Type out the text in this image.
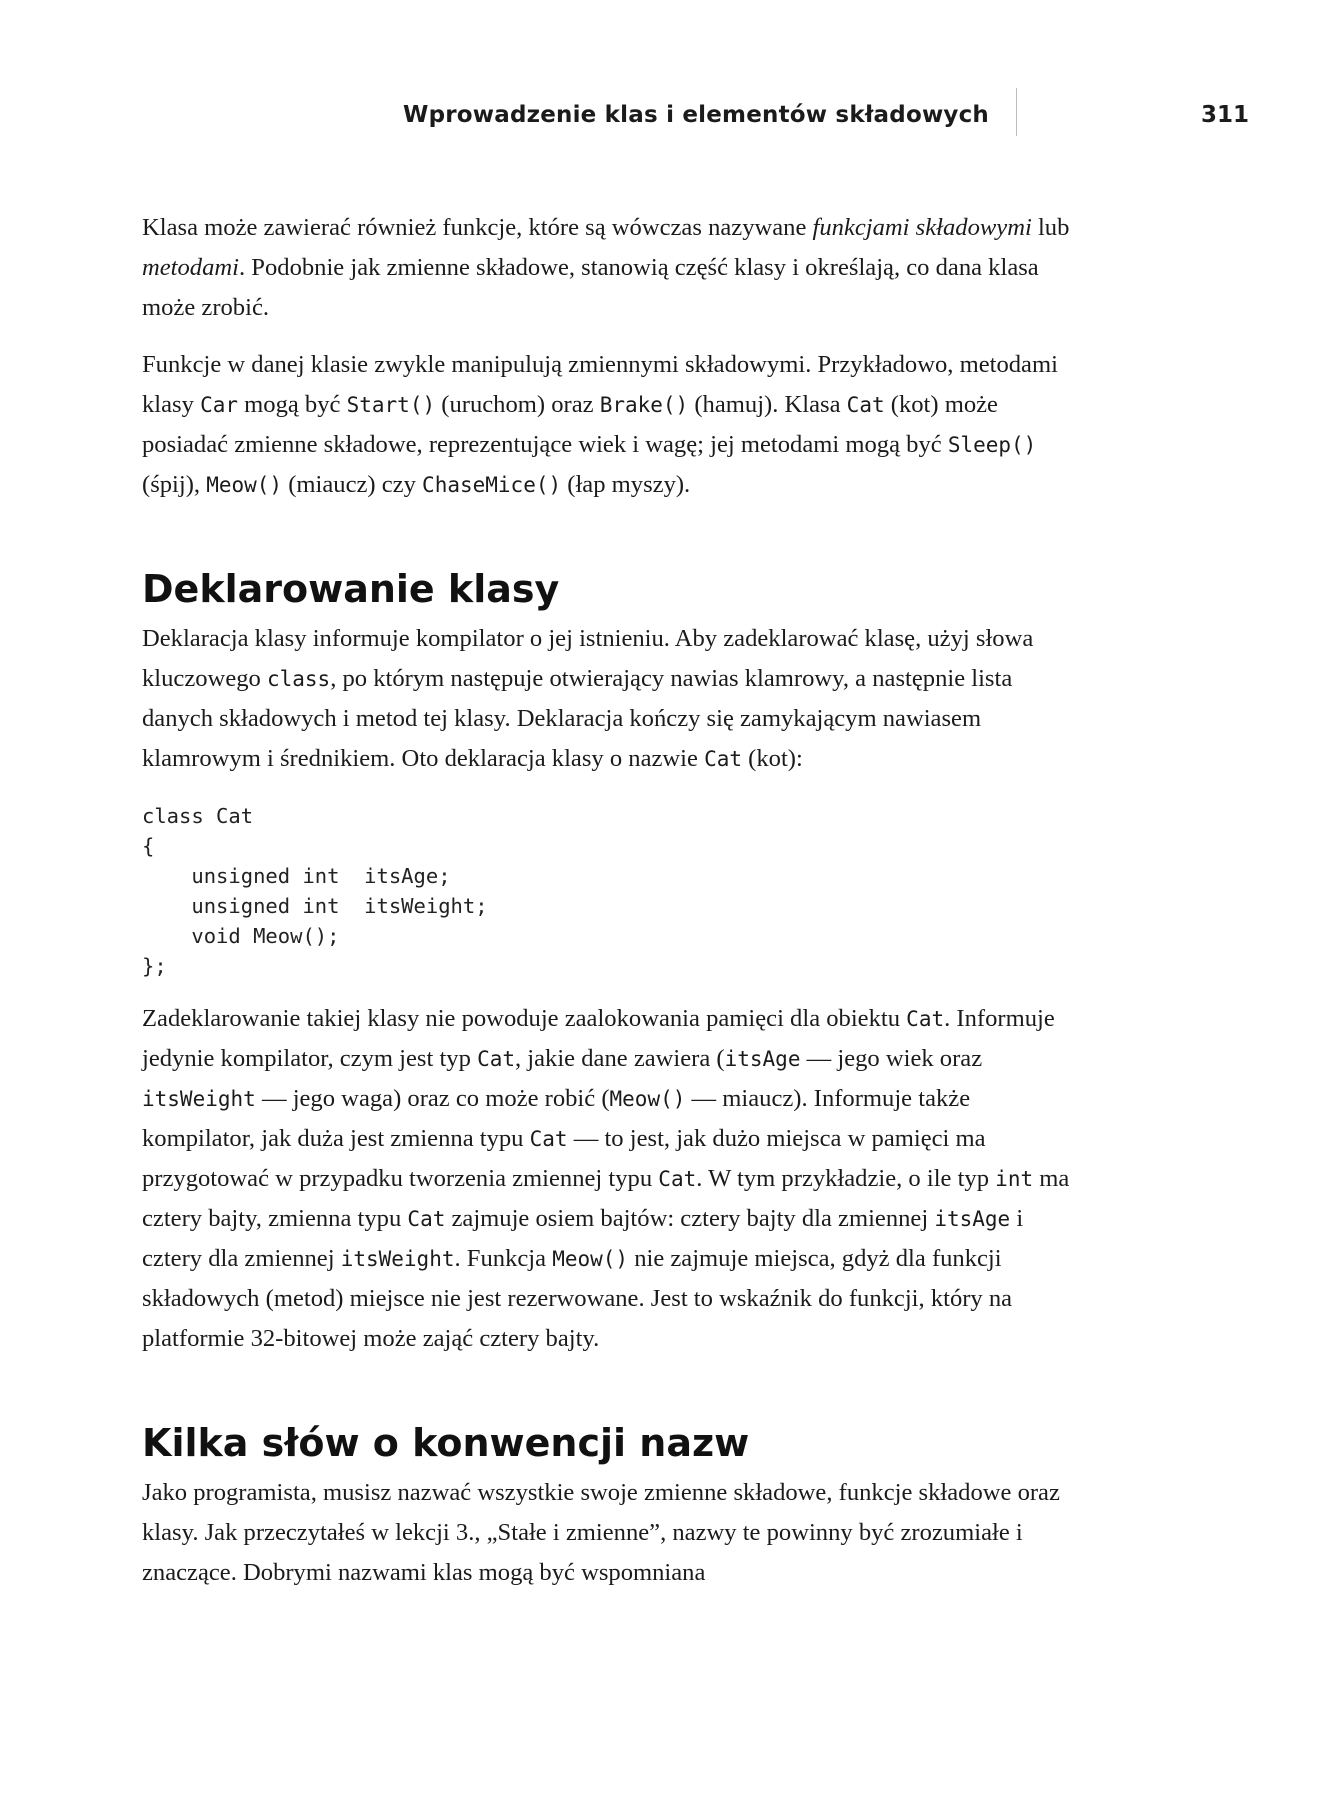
Wprowadzenie klas i elementów składowych	311

Klasa może zawierać również funkcje, które są wówczas nazywane funkcjami składowymi lub metodami. Podobnie jak zmienne składowe, stanowią część klasy i określają, co dana klasa może zrobić.

Funkcje w danej klasie zwykle manipulują zmiennymi składowymi. Przykładowo, metodami klasy Car mogą być Start() (uruchom) oraz Brake() (hamuj). Klasa Cat (kot) może posiadać zmienne składowe, reprezentujące wiek i wagę; jej metodami mogą być Sleep() (śpij), Meow() (miaucz) czy ChaseMice() (łap myszy).

Deklarowanie klasy

Deklaracja klasy informuje kompilator o jej istnieniu. Aby zadeklarować klasę, użyj słowa kluczowego class, po którym następuje otwierający nawias klamrowy, a następnie lista danych składowych i metod tej klasy. Deklaracja kończy się zamykającym nawiasem klamrowym i średnikiem. Oto deklaracja klasy o nazwie Cat (kot):

class Cat
{
unsigned int  itsAge;
unsigned int  itsWeight;
void Meow();
};

Zadeklarowanie takiej klasy nie powoduje zaalokowania pamięci dla obiektu Cat. Informuje jedynie kompilator, czym jest typ Cat, jakie dane zawiera (itsAge — jego wiek oraz itsWeight — jego waga) oraz co może robić (Meow() — miaucz). Informuje także kompilator, jak duża jest zmienna typu Cat — to jest, jak dużo miejsca w pamięci ma przygotować w przypadku tworzenia zmiennej typu Cat. W tym przykładzie, o ile typ int ma cztery bajty, zmienna typu Cat zajmuje osiem bajtów: cztery bajty dla zmiennej itsAge i cztery dla zmiennej itsWeight. Funkcja Meow() nie zajmuje miejsca, gdyż dla funkcji składowych (metod) miejsce nie jest rezerwowane. Jest to wskaźnik do funkcji, który na platformie 32-bitowej może zająć cztery bajty.

Kilka słów o konwencji nazw

Jako programista, musisz nazwać wszystkie swoje zmienne składowe, funkcje składowe oraz klasy. Jak przeczytałeś w lekcji 3., „Stałe i zmienne”, nazwy te powinny być zrozumiałe i znaczące. Dobrymi nazwami klas mogą być wspomniana
